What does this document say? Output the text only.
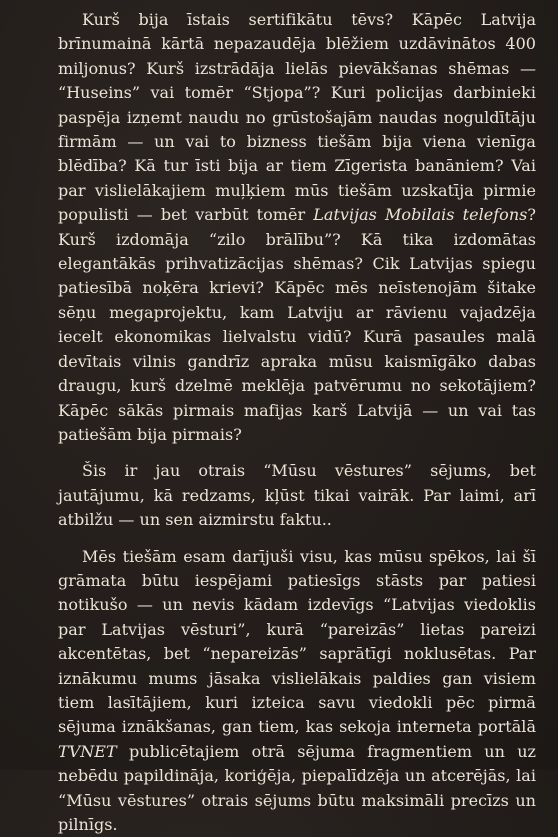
Kurš bija īstais sertifikātu tēvs? Kāpēc Latvija brīnumainā kārtā nepazaudēja blēžiem uzdāvinātos 400 miljonus? Kurš izstrādāja lielās pievākšanas shēmas — “Huseins” vai tomēr “Stjopa”? Kuri policijas darbinieki paspēja izņemt naudu no grūstošajām naudas noguldītāju firmām — un vai to bizness tiešām bija viena vienīga blēdība? Kā tur īsti bija ar tiem Zīgerista banāniem? Vai par vislielākajiem muļķiem mūs tiešām uzskatīja pirmie populisti — bet varbūt tomēr Latvijas Mobilais telefons? Kurš izdomāja “zilo brālību”? Kā tika izdomātas elegantākās prihvatizācijas shēmas? Cik Latvijas spiegu patiesībā noķēra krievi? Kāpēc mēs neīstenojām šitake sēņu megaprojektu, kam Latviju ar rāvienu vajadzēja iecelt ekonomikas lielvalstu vidū? Kurā pasaules malā devītais vilnis gandrīz apraka mūsu kaismīgāko dabas draugu, kurš dzelmē meklēja patvērumu no sekotājiem? Kāpēc sākās pirmais mafijas karš Latvijā — un vai tas patiešām bija pirmais?

Šis ir jau otrais “Mūsu vēstures” sējums, bet jautājumu, kā redzams, kļūst tikai vairāk. Par laimi, arī atbilžu — un sen aizmirstu faktu..

Mēs tiešām esam darījuši visu, kas mūsu spēkos, lai šī grāmata būtu iespējami patiesīgs stāsts par patiesi notikušo — un nevis kādam izdevīgs “Latvijas viedoklis par Latvijas vēsturi”, kurā “pareizās” lietas pareizi akcentētas, bet “nepareizās” saprātīgi noklusētas. Par iznākumu mums jāsaka vislielākais paldies gan visiem tiem lasītājiem, kuri izteica savu viedokli pēc pirmā sējuma iznākšanas, gan tiem, kas sekoja interneta portālā TVNET publicētajiem otrā sējuma fragmentiem un uz nebēdu papildināja, koriģēja, piepalīdzēja un atcerējās, lai “Mūsu vēstures” otrais sējums būtu maksimāli precīzs un pilnīgs.
